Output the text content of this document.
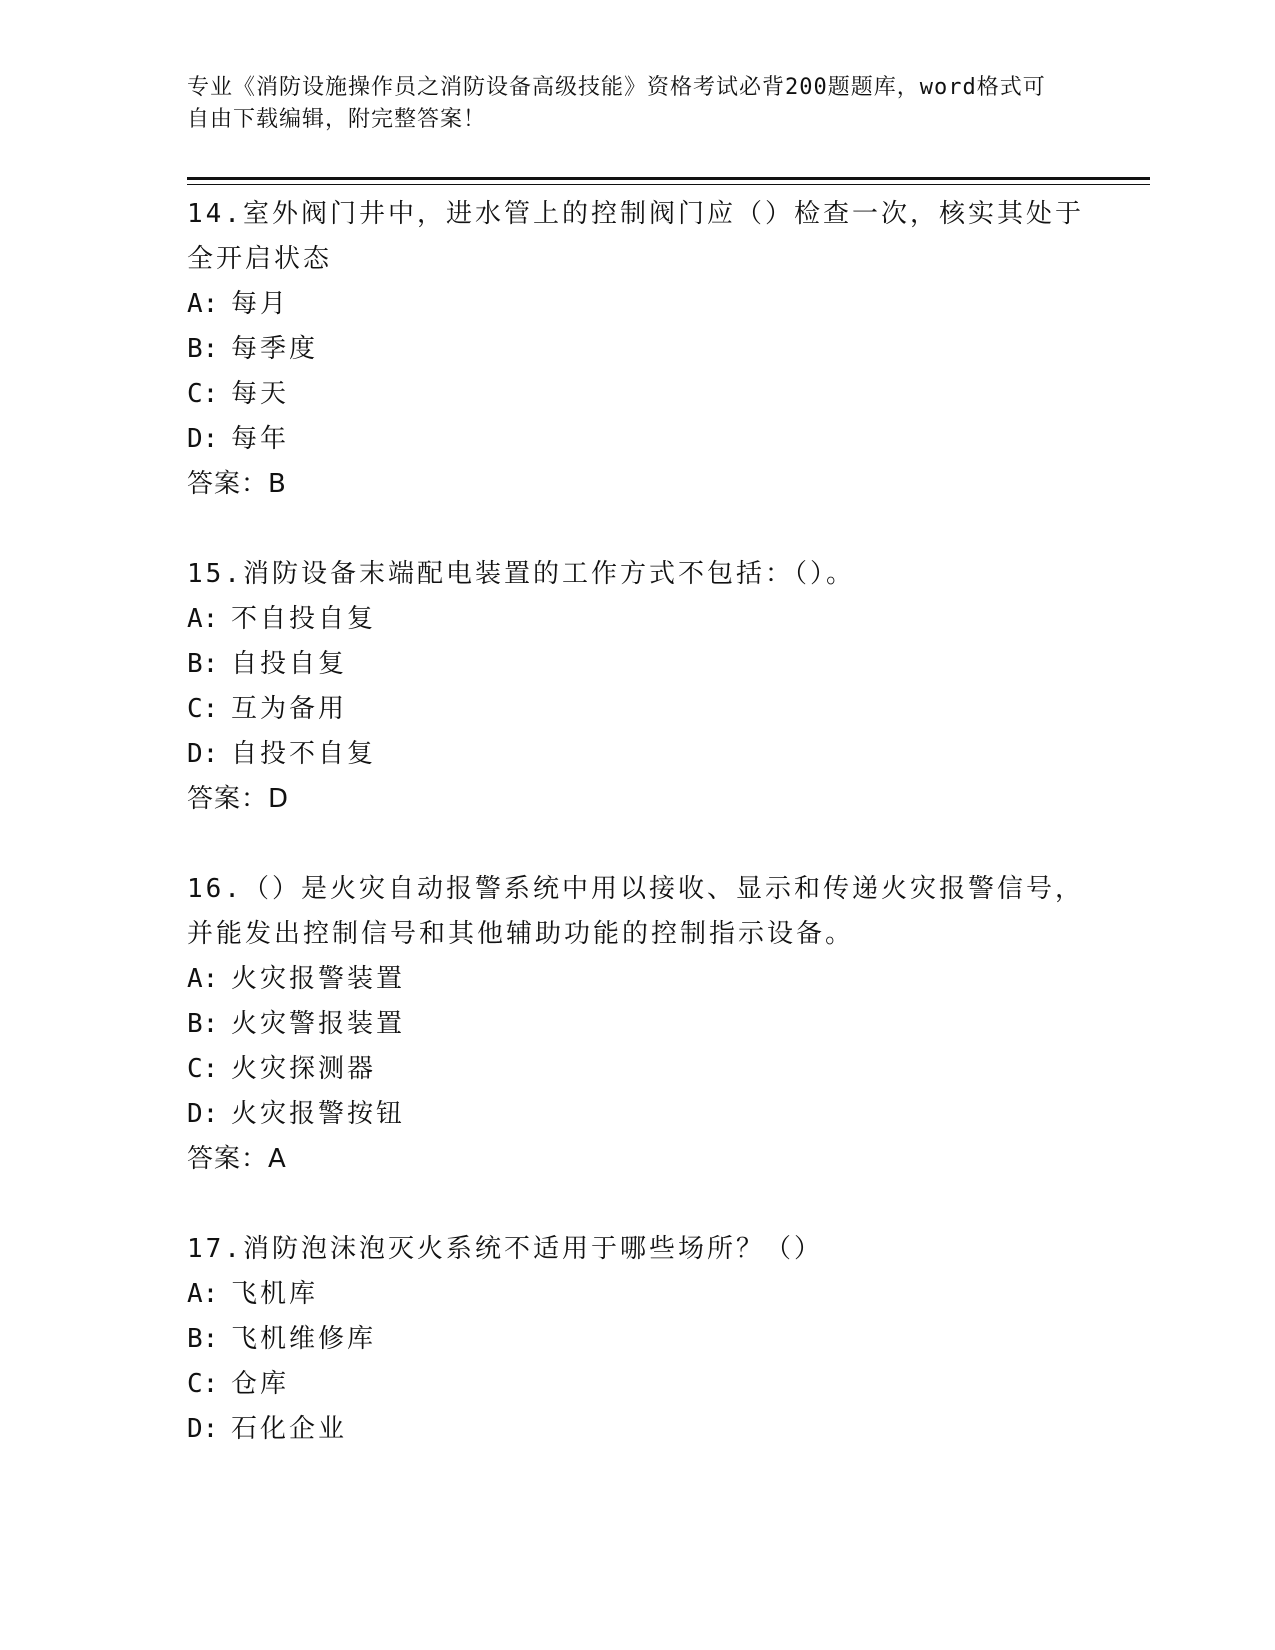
专业《消防设施操作员之消防设备高级技能》资格考试必背200题题库，word格式可自由下载编辑，附完整答案！
14.室外阀门井中，进水管上的控制阀门应（）检查一次，核实其处于全开启状态
A: 每月
B: 每季度
C: 每天
D: 每年
答案：B
15.消防设备末端配电装置的工作方式不包括：（）。
A: 不自投自复
B: 自投自复
C: 互为备用
D: 自投不自复
答案：D
16.（）是火灾自动报警系统中用以接收、显示和传递火灾报警信号，并能发出控制信号和其他辅助功能的控制指示设备。
A: 火灾报警装置
B: 火灾警报装置
C: 火灾探测器
D: 火灾报警按钮
答案：A
17.消防泡沫泡灭火系统不适用于哪些场所？（）
A: 飞机库
B: 飞机维修库
C: 仓库
D: 石化企业
